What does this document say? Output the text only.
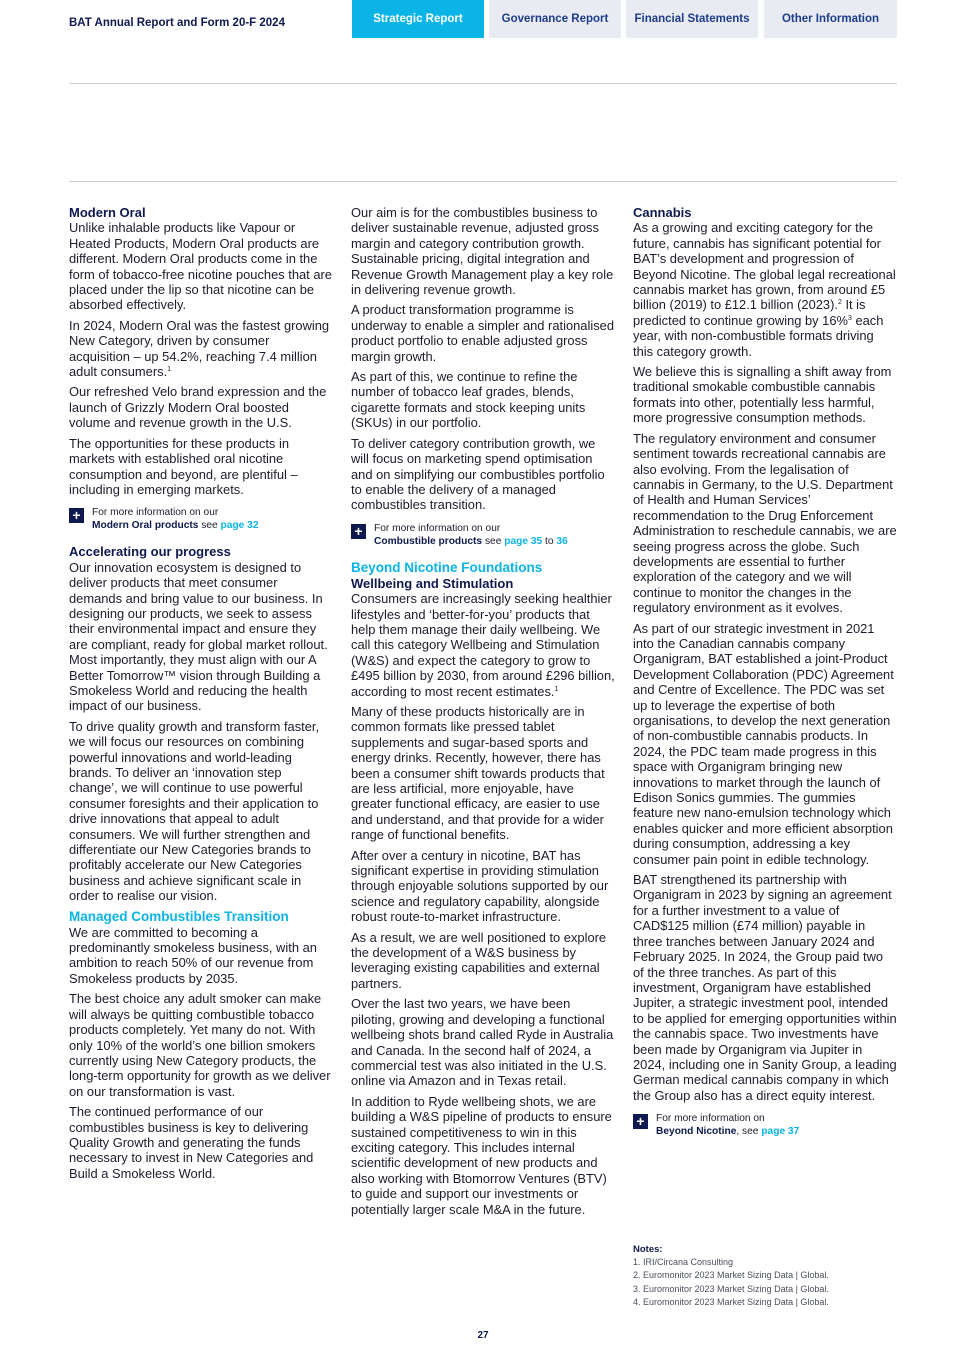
BAT Annual Report and Form 20-F 2024	Strategic Report	Governance Report	Financial Statements	Other Information
Modern Oral

Unlike inhalable products like Vapour or Heated Products, Modern Oral products are different. Modern Oral products come in the form of tobacco-free nicotine pouches that are placed under the lip so that nicotine can be absorbed effectively.

In 2024, Modern Oral was the fastest growing New Category, driven by consumer acquisition – up 54.2%, reaching 7.4 million adult consumers.$^1$

Our refreshed Velo brand expression and the launch of Grizzly Modern Oral boosted volume and revenue growth in the U.S.

The opportunities for these products in markets with established oral nicotine consumption and beyond, are plentiful – including in emerging markets.

+	For more information on our
Modern Oral products see page 32
Accelerating our progress

Our innovation ecosystem is designed to deliver products that meet consumer demands and bring value to our business. In designing our products, we seek to assess their environmental impact and ensure they are compliant, ready for global market rollout. Most importantly, they must align with our A Better Tomorrow™ vision through Building a Smokeless World and reducing the health impact of our business.

To drive quality growth and transform faster, we will focus our resources on combining powerful innovations and world-leading brands. To deliver an ‘innovation step change’, we will continue to use powerful consumer foresights and their application to drive innovations that appeal to adult consumers. We will further strengthen and differentiate our New Categories brands to profitably accelerate our New Categories business and achieve significant scale in order to realise our vision.

Managed Combustibles Transition

We are committed to becoming a predominantly smokeless business, with an ambition to reach 50% of our revenue from Smokeless products by 2035.

The best choice any adult smoker can make will always be quitting combustible tobacco products completely. Yet many do not. With only 10% of the world’s one billion smokers currently using New Category products, the long-term opportunity for growth as we deliver on our transformation is vast.

The continued performance of our combustibles business is key to delivering Quality Growth and generating the funds necessary to invest in New Categories and Build a Smokeless World.

Our aim is for the combustibles business to deliver sustainable revenue, adjusted gross margin and category contribution growth. Sustainable pricing, digital integration and Revenue Growth Management play a key role in delivering revenue growth.

A product transformation programme is underway to enable a simpler and rationalised product portfolio to enable adjusted gross margin growth.

As part of this, we continue to refine the number of tobacco leaf grades, blends, cigarette formats and stock keeping units (SKUs) in our portfolio.

To deliver category contribution growth, we will focus on marketing spend optimisation and on simplifying our combustibles portfolio to enable the delivery of a managed combustibles transition.

+	For more information on our
Combustible products see page 35 to 36
Beyond Nicotine Foundations
Wellbeing and Stimulation

Consumers are increasingly seeking healthier lifestyles and ‘better-for-you’ products that help them manage their daily wellbeing. We call this category Wellbeing and Stimulation (W&S) and expect the category to grow to £495 billion by 2030, from around £296 billion, according to most recent estimates.$^1$

Many of these products historically are in common formats like pressed tablet supplements and sugar-based sports and energy drinks. Recently, however, there has been a consumer shift towards products that are less artificial, more enjoyable, have greater functional efficacy, are easier to use and understand, and that provide for a wider range of functional benefits.

After over a century in nicotine, BAT has significant expertise in providing stimulation through enjoyable solutions supported by our science and regulatory capability, alongside robust route-to-market infrastructure.

As a result, we are well positioned to explore the development of a W&S business by leveraging existing capabilities and external partners.

Over the last two years, we have been piloting, growing and developing a functional wellbeing shots brand called Ryde in Australia and Canada. In the second half of 2024, a commercial test was also initiated in the U.S. online via Amazon and in Texas retail.

In addition to Ryde wellbeing shots, we are building a W&S pipeline of products to ensure sustained competitiveness to win in this exciting category. This includes internal scientific development of new products and also working with Btomorrow Ventures (BTV) to guide and support our investments or potentially larger scale M&A in the future.

Cannabis

As a growing and exciting category for the future, cannabis has significant potential for BAT’s development and progression of Beyond Nicotine. The global legal recreational cannabis market has grown, from around £5 billion (2019) to £12.1 billion (2023).$^2$ It is predicted to continue growing by 16%$^3$ each year, with non-combustible formats driving this category growth.

We believe this is signalling a shift away from traditional smokable combustible cannabis formats into other, potentially less harmful, more progressive consumption methods.

The regulatory environment and consumer sentiment towards recreational cannabis are also evolving. From the legalisation of cannabis in Germany, to the U.S. Department of Health and Human Services’ recommendation to the Drug Enforcement Administration to reschedule cannabis, we are seeing progress across the globe. Such developments are essential to further exploration of the category and we will continue to monitor the changes in the regulatory environment as it evolves.

As part of our strategic investment in 2021 into the Canadian cannabis company Organigram, BAT established a joint-Product Development Collaboration (PDC) Agreement and Centre of Excellence. The PDC was set up to leverage the expertise of both organisations, to develop the next generation of non-combustible cannabis products. In 2024, the PDC team made progress in this space with Organigram bringing new innovations to market through the launch of Edison Sonics gummies. The gummies feature new nano-emulsion technology which enables quicker and more efficient absorption during consumption, addressing a key consumer pain point in edible technology.

BAT strengthened its partnership with Organigram in 2023 by signing an agreement for a further investment to a value of CAD$125 million (£74 million) payable in three tranches between January 2024 and February 2025. In 2024, the Group paid two of the three tranches. As part of this investment, Organigram have established Jupiter, a strategic investment pool, intended to be applied for emerging opportunities within the cannabis space. Two investments have been made by Organigram via Jupiter in 2024, including one in Sanity Group, a leading German medical cannabis company in which the Group also has a direct equity interest.

+	For more information on
Beyond Nicotine, see page 37
Notes:
1. IRI/Circana Consulting
2. Euromonitor 2023 Market Sizing Data | Global.
3. Euromonitor 2023 Market Sizing Data | Global.
4. Euromonitor 2023 Market Sizing Data | Global.
27
